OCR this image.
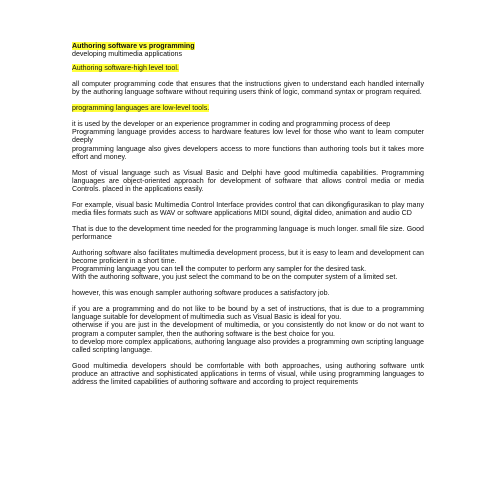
Authoring software vs programming

developing multimedia applications

Authoring software-high level tool.

all computer programming code that ensures that the instructions given to understand each handled internally by the authoring language software without requiring users think of logic, command syntax or program required.

programming languages are low-level tools.

it is used by the developer or an experience programmer in coding and programming process of deep

Programming language provides access to hardware features low level for those who want to learn computer deeply

programming language also gives developers access to more functions than authoring tools but it takes more effort and money.

Most of visual language such as Visual Basic and Delphi have good multimedia capabilities. Programming languages are object-oriented approach for development of software that allows control media or media Controls. placed in the applications easily.

For example, visual basic Multimedia Control Interface provides control that can dikongfigurasikan to play many media files formats such as WAV or software applications MIDI sound, digital dideo, animation and audio CD

That is due to the development time needed for the programming language is much longer. small file size. Good performance

Authoring software also facilitates multimedia development process, but it is easy to learn and development can become proficient in a short time.

Programming language you can tell the computer to perform any sampler for the desired task.

With the authoring software, you just select the command to be on the computer system of a limited set.

however, this was enough sampler authoring software produces a satisfactory job.

if you are a programming and do not like to be bound by a set of instructions, that is due to a programming language suitable for development of multimedia such as Visual Basic is ideal for you.

otherwise if you are just in the development of multimedia, or you consistently do not know or do not want to program a computer sampler, then the authoring software is the best choice for you.

to develop more complex applications, authoring language also provides a programming own scripting language called scripting language.

Good multimedia developers should be comfortable with both approaches, using authoring software untk produce an attractive and sophisticated applications in terms of visual, while using programming languages to address the limited capabilities of authoring software and according to project requirements
